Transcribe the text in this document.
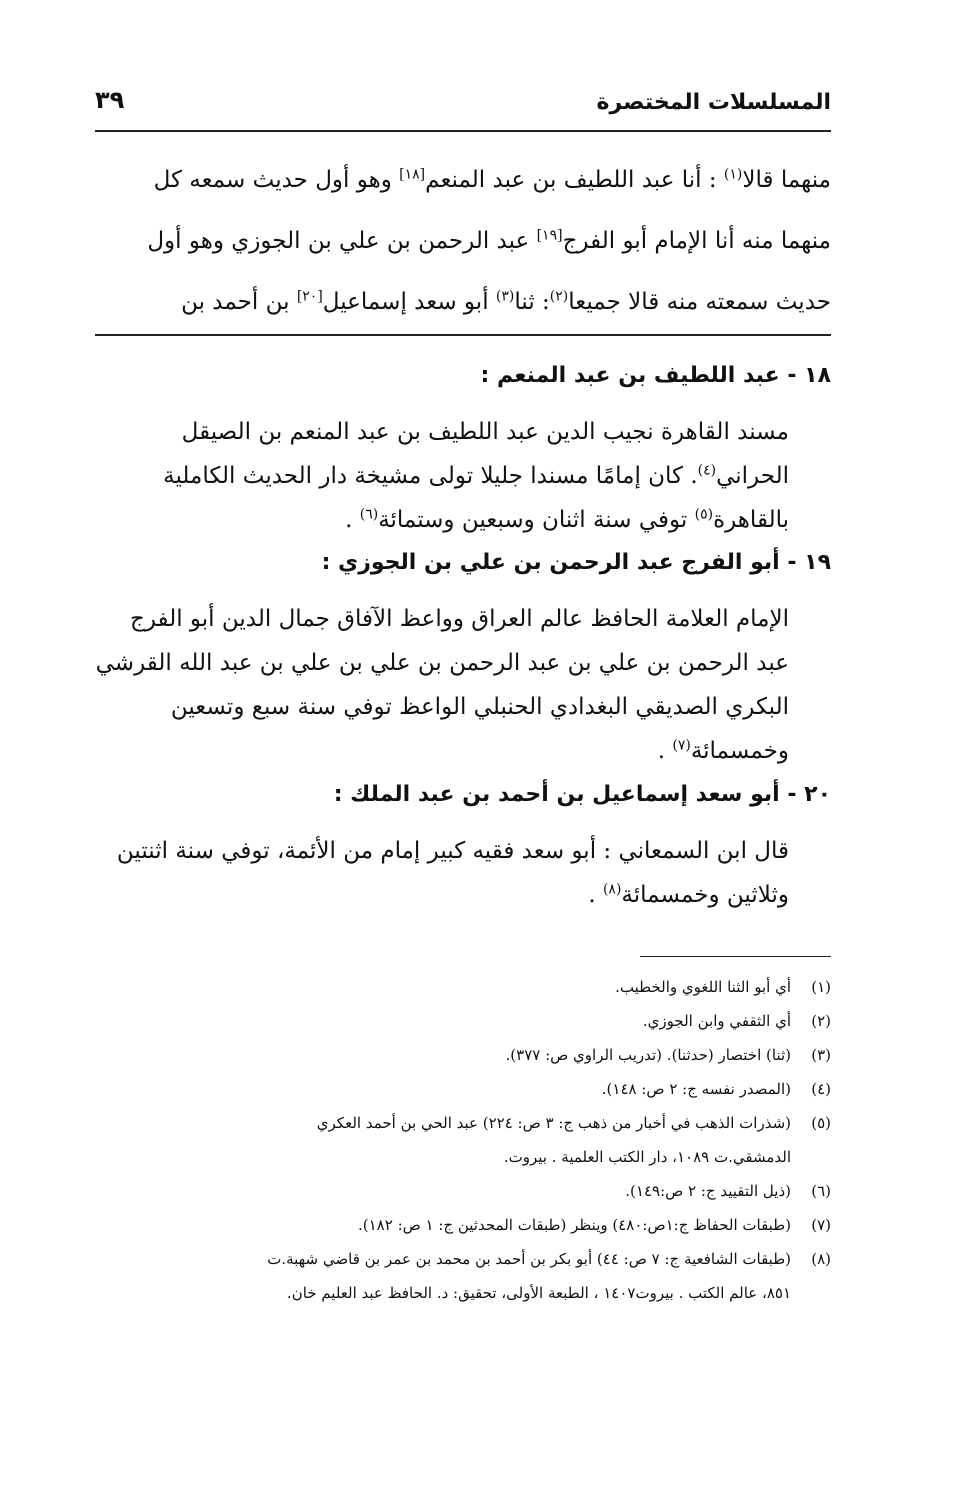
المسلسلات المختصرة
٣٩
منهما قالا$^{(١)}$ : أنا عبد اللطيف بن عبد المنعم[١٨] وهو أول حديث سمعه كل
منهما منه أنا الإمام أبو الفرج[١٩] عبد الرحمن بن علي بن الجوزي وهو أول
حديث سمعته منه قالا جميعا$^{(٢)}$: ثنا$^{(٣)}$ أبو سعد إسماعيل[٢٠] بن أحمد بن
١٨ - عبد اللطيف بن عبد المنعم :
مسند القاهرة نجيب الدين عبد اللطيف بن عبد المنعم بن الصيقل
الحراني$^{(٤)}$. كان إمامًا مسندا جليلا تولى مشيخة دار الحديث الكاملية
بالقاهرة$^{(٥)}$ توفي سنة اثنان وسبعين وستمائة$^{(٦)}$ .
١٩ - أبو الفرج عبد الرحمن بن علي بن الجوزي :
الإمام العلامة الحافظ عالم العراق وواعظ الآفاق جمال الدين أبو الفرج
عبد الرحمن بن علي بن عبد الرحمن بن علي بن علي بن عبد الله القرشي
البكري الصديقي البغدادي الحنبلي الواعظ توفي سنة سبع وتسعين
وخمسمائة$^{(٧)}$ .
٢٠ - أبو سعد إسماعيل بن أحمد بن عبد الملك :
قال ابن السمعاني : أبو سعد فقيه كبير إمام من الأئمة، توفي سنة اثنتين
وثلاثين وخمسمائة$^{(٨)}$ .
(١)
أي أبو الثنا اللغوي والخطيب.
(٢)
أي الثقفي وابن الجوزي.
(٣)
(ثنا) اختصار (حدثنا). (تدريب الراوي ص: ٣٧٧).
(٤)
(المصدر نفسه ج: ٢ ص: ١٤٨).
(٥)
(شذرات الذهب في أخبار من ذهب ج: ٣ ص: ٢٢٤) عبد الحي بن أحمد العكري
الدمشقي.ت ١٠٨٩، دار الكتب العلمية . بيروت.
(٦)
(ذيل التقييد ج: ٢ ص:١٤٩).
(٧)
(طبقات الحفاظ ج:١ص:٤٨٠) وينظر (طبقات المحدثين ج: ١ ص: ١٨٢).
(٨)
(طبقات الشافعية ج: ٧ ص: ٤٤) أبو بكر بن أحمد بن محمد بن عمر بن قاضي شهبة.ت
٨٥١، عالم الكتب . بيروت١٤٠٧ ، الطبعة الأولى، تحقيق: د. الحافظ عبد العليم خان.
